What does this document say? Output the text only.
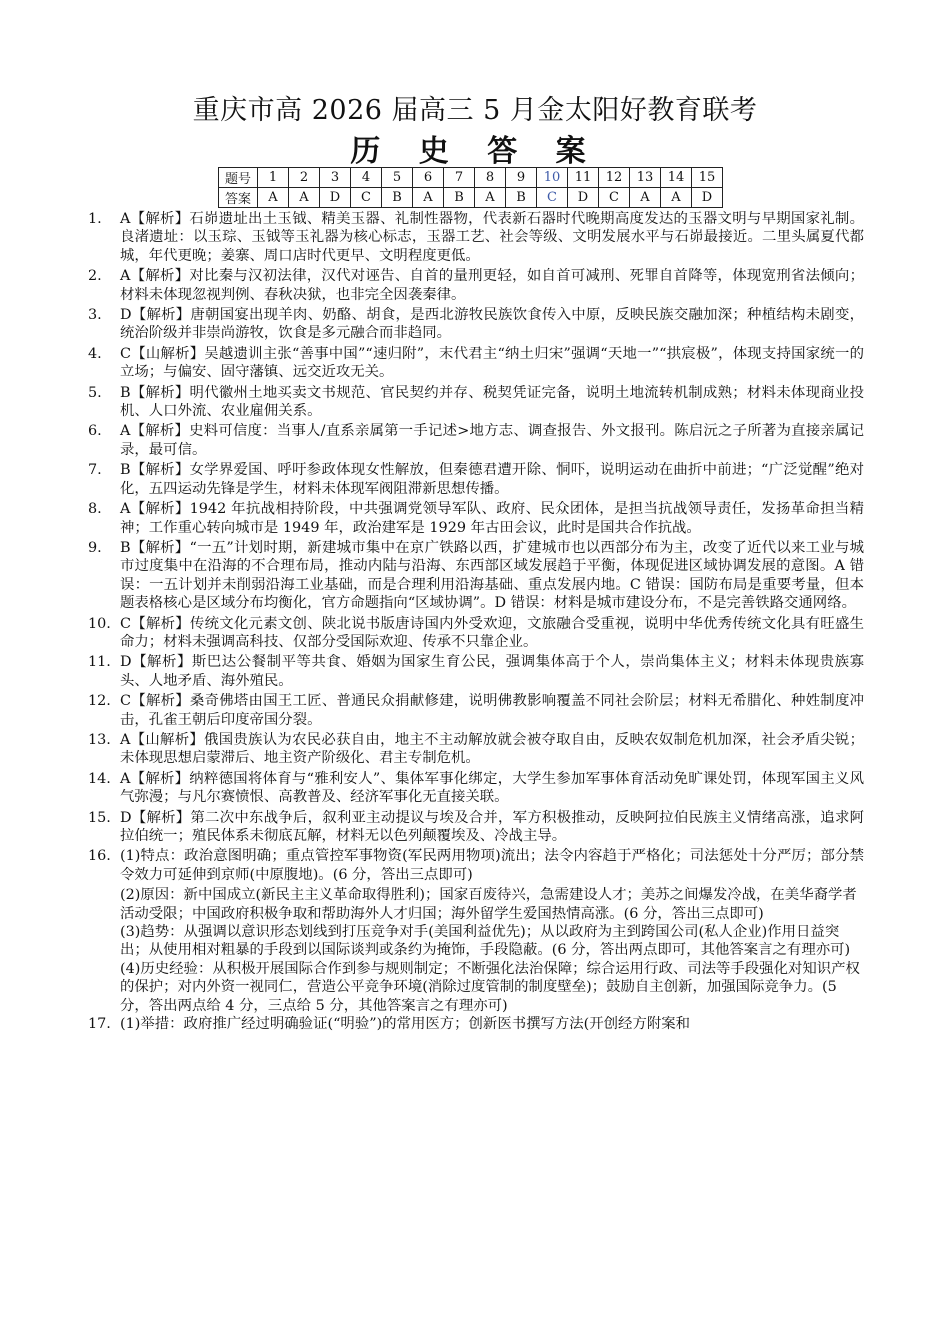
重庆市高 2026 届高三 5 月金太阳好教育联考
历 史 答 案
题号	1	2	3	4	5	6	7	8	9	10	11	12	13	14	15
答案	A	A	D	C	B	A	B	A	B	C	D	C	A	A	D
1.	A【解析】石峁遗址出土玉钺、精美玉器、礼制性器物，代表新石器时代晚期高度发达的玉器文明与早期国家礼制。良渚遗址：以玉琮、玉钺等玉礼器为核心标志，玉器工艺、社会等级、文明发展水平与石峁最接近。二里头属夏代都城，年代更晚；姜寨、周口店时代更早、文明程度更低。
2.	A【解析】对比秦与汉初法律，汉代对诬告、自首的量刑更轻，如自首可减刑、死罪自首降等，体现宽刑省法倾向；材料未体现忽视判例、春秋决狱，也非完全因袭秦律。
3.	D【解析】唐朝国宴出现羊肉、奶酪、胡食，是西北游牧民族饮食传入中原，反映民族交融加深；种植结构未剧变，统治阶级并非崇尚游牧，饮食是多元融合而非趋同。
4.	C【山解析】吴越遗训主张“善事中国”“速归附”，末代君主“纳土归宋”强调“天地一”“拱宸极”，体现支持国家统一的立场；与偏安、固守藩镇、远交近攻无关。
5.	B【解析】明代徽州土地买卖文书规范、官民契约并存、税契凭证完备，说明土地流转机制成熟；材料未体现商业投机、人口外流、农业雇佣关系。
6.	A【解析】史料可信度：当事人/直系亲属第一手记述>地方志、调查报告、外文报刊。陈启沅之子所著为直接亲属记录，最可信。
7.	B【解析】女学界爱国、呼吁参政体现女性解放，但秦德君遭开除、恫吓，说明运动在曲折中前进；“广泛觉醒”绝对化，五四运动先锋是学生，材料未体现军阀阻滞新思想传播。
8.	A【解析】1942 年抗战相持阶段，中共强调党领导军队、政府、民众团体，是担当抗战领导责任，发扬革命担当精神；工作重心转向城市是 1949 年，政治建军是 1929 年古田会议，此时是国共合作抗战。
9.	B【解析】“一五”计划时期，新建城市集中在京广铁路以西，扩建城市也以西部分布为主，改变了近代以来工业与城市过度集中在沿海的不合理布局，推动内陆与沿海、东西部区域发展趋于平衡，体现促进区域协调发展的意图。A 错误：一五计划并未削弱沿海工业基础，而是合理利用沿海基础、重点发展内地。C 错误：国防布局是重要考量，但本题表格核心是区域分布均衡化，官方命题指向“区域协调”。D 错误：材料是城市建设分布，不是完善铁路交通网络。
10. C【解析】传统文化元素文创、陕北说书版唐诗国内外受欢迎，文旅融合受重视，说明中华优秀传统文化具有旺盛生命力；材料未强调高科技、仅部分受国际欢迎、传承不只靠企业。
11. D【解析】斯巴达公餐制平等共食、婚姻为国家生育公民，强调集体高于个人，崇尚集体主义；材料未体现贵族寡头、人地矛盾、海外殖民。
12. C【解析】桑奇佛塔由国王工匠、普通民众捐献修建，说明佛教影响覆盖不同社会阶层；材料无希腊化、种姓制度冲击，孔雀王朝后印度帝国分裂。
13. A【山解析】俄国贵族认为农民必获自由，地主不主动解放就会被夺取自由，反映农奴制危机加深，社会矛盾尖锐；未体现思想启蒙滞后、地主资产阶级化、君主专制危机。
14. A【解析】纳粹德国将体育与“雅利安人”、集体军事化绑定，大学生参加军事体育活动免旷课处罚，体现军国主义风气弥漫；与凡尔赛愤恨、高教普及、经济军事化无直接关联。
15. D【解析】第二次中东战争后，叙利亚主动提议与埃及合并，军方积极推动，反映阿拉伯民族主义情绪高涨，追求阿拉伯统一；殖民体系未彻底瓦解，材料无以色列颠覆埃及、冷战主导。
16. (1)特点：政治意图明确；重点管控军事物资(军民两用物项)流出；法令内容趋于严格化；司法惩处十分严厉；部分禁令效力可延伸到京师(中原腹地)。(6 分，答出三点即可)
(2)原因：新中国成立(新民主主义革命取得胜利)；国家百废待兴，急需建设人才；美苏之间爆发冷战，在美华裔学者活动受限；中国政府积极争取和帮助海外人才归国；海外留学生爱国热情高涨。(6 分，答出三点即可)
(3)趋势：从强调以意识形态划线到打压竞争对手(美国利益优先)；从以政府为主到跨国公司(私人企业)作用日益突出；从使用相对粗暴的手段到以国际谈判或条约为掩饰，手段隐蔽。(6 分，答出两点即可，其他答案言之有理亦可)
(4)历史经验：从积极开展国际合作到参与规则制定；不断强化法治保障；综合运用行政、司法等手段强化对知识产权的保护；对内外资一视同仁，营造公平竞争环境(消除过度管制的制度壁垒)；鼓励自主创新，加强国际竞争力。(5 分，答出两点给 4 分，三点给 5 分，其他答案言之有理亦可)
17. (1)举措：政府推广经过明确验证(“明验”)的常用医方；创新医书撰写方法(开创经方附案和
